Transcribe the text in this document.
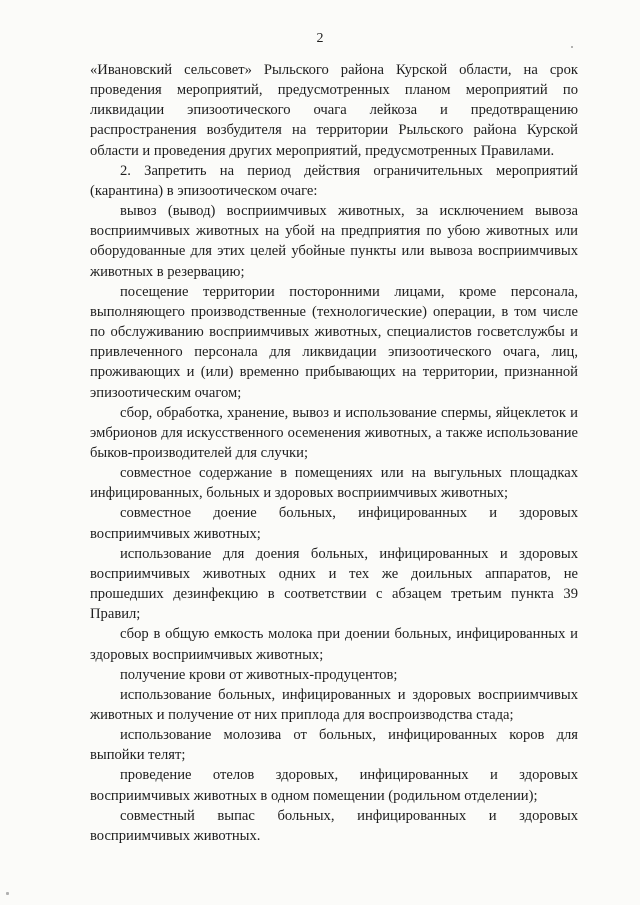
2

«Ивановский сельсовет» Рыльского района Курской области, на срок проведения мероприятий, предусмотренных планом мероприятий по ликвидации эпизоотического очага лейкоза и предотвращению распространения возбудителя на территории Рыльского района Курской области и проведения других мероприятий, предусмотренных Правилами.

2. Запретить на период действия ограничительных мероприятий (карантина) в эпизоотическом очаге:

вывоз (вывод) восприимчивых животных, за исключением вывоза восприимчивых животных на убой на предприятия по убою животных или оборудованные для этих целей убойные пункты или вывоза восприимчивых животных в резервацию;

посещение территории посторонними лицами, кроме персонала, выполняющего производственные (технологические) операции, в том числе по обслуживанию восприимчивых животных, специалистов госветслужбы и привлеченного персонала для ликвидации эпизоотического очага, лиц, проживающих и (или) временно прибывающих на территории, признанной эпизоотическим очагом;

сбор, обработка, хранение, вывоз и использование спермы, яйцеклеток и эмбрионов для искусственного осеменения животных, а также использование быков-производителей для случки;

совместное содержание в помещениях или на выгульных площадках инфицированных, больных и здоровых восприимчивых животных;

совместное доение больных, инфицированных и здоровых восприимчивых животных;

использование для доения больных, инфицированных и здоровых восприимчивых животных одних и тех же доильных аппаратов, не прошедших дезинфекцию в соответствии с абзацем третьим пункта 39 Правил;

сбор в общую емкость молока при доении больных, инфицированных и здоровых восприимчивых животных;

получение крови от животных-продуцентов;

использование больных, инфицированных и здоровых восприимчивых животных и получение от них приплода для воспроизводства стада;

использование молозива от больных, инфицированных коров для выпойки телят;

проведение отелов здоровых, инфицированных и здоровых восприимчивых животных в одном помещении (родильном отделении);

совместный выпас больных, инфицированных и здоровых восприимчивых животных.
